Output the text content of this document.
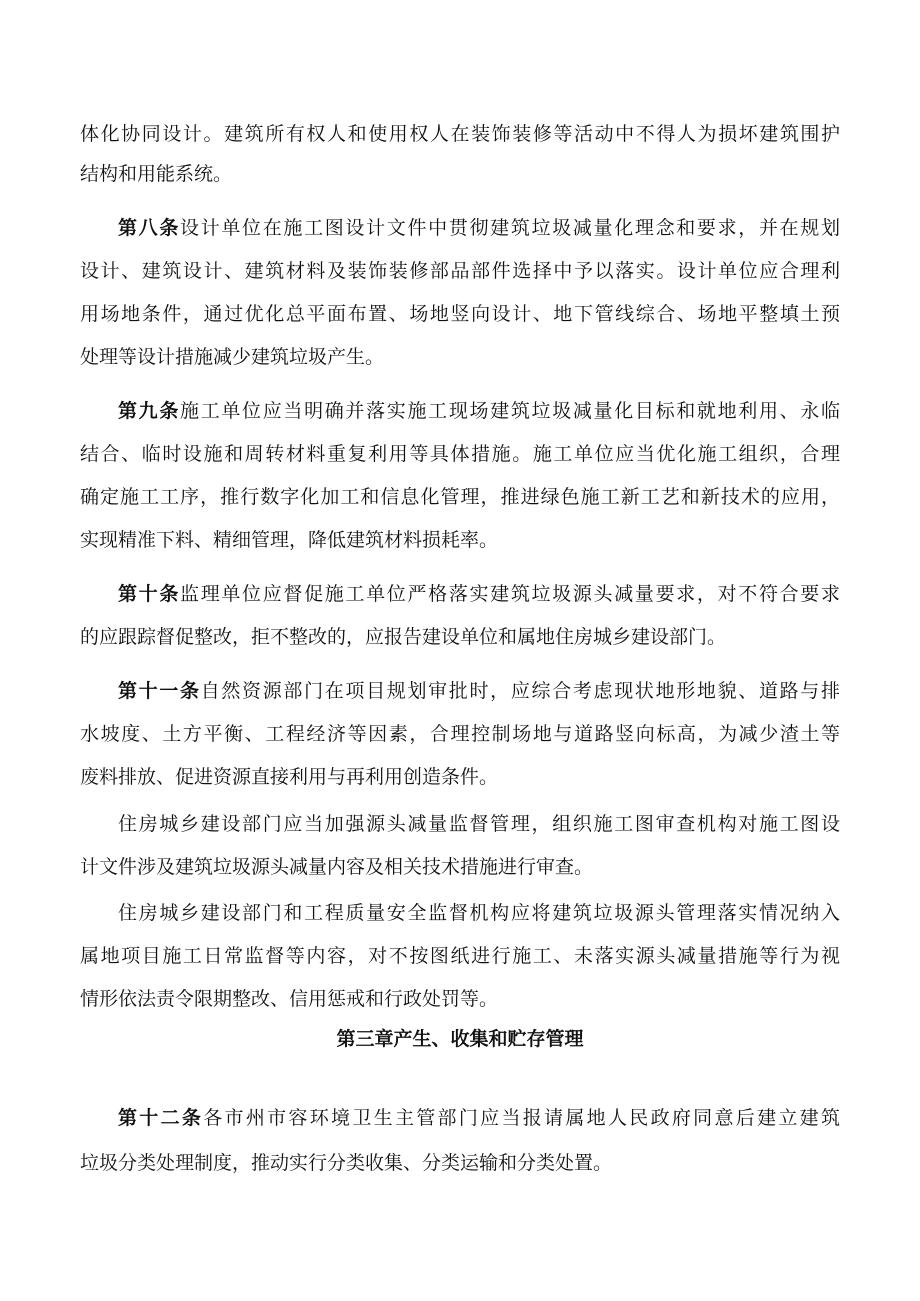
体化协同设计。建筑所有权人和使用权人在装饰装修等活动中不得人为损坏建筑围护
结构和用能系统。
第八条设计单位在施工图设计文件中贯彻建筑垃圾减量化理念和要求，并在规划
设计、建筑设计、建筑材料及装饰装修部品部件选择中予以落实。设计单位应合理利
用场地条件，通过优化总平面布置、场地竖向设计、地下管线综合、场地平整填土预
处理等设计措施减少建筑垃圾产生。
第九条施工单位应当明确并落实施工现场建筑垃圾减量化目标和就地利用、永临
结合、临时设施和周转材料重复利用等具体措施。施工单位应当优化施工组织，合理
确定施工工序，推行数字化加工和信息化管理，推进绿色施工新工艺和新技术的应用，
实现精准下料、精细管理，降低建筑材料损耗率。
第十条监理单位应督促施工单位严格落实建筑垃圾源头减量要求，对不符合要求
的应跟踪督促整改，拒不整改的，应报告建设单位和属地住房城乡建设部门。
第十一条自然资源部门在项目规划审批时，应综合考虑现状地形地貌、道路与排
水坡度、土方平衡、工程经济等因素，合理控制场地与道路竖向标高，为减少渣土等
废料排放、促进资源直接利用与再利用创造条件。
住房城乡建设部门应当加强源头减量监督管理，组织施工图审查机构对施工图设
计文件涉及建筑垃圾源头减量内容及相关技术措施进行审查。
住房城乡建设部门和工程质量安全监督机构应将建筑垃圾源头管理落实情况纳入
属地项目施工日常监督等内容，对不按图纸进行施工、未落实源头减量措施等行为视
情形依法责令限期整改、信用惩戒和行政处罚等。
第三章产生、收集和贮存管理
第十二条各市州市容环境卫生主管部门应当报请属地人民政府同意后建立建筑
垃圾分类处理制度，推动实行分类收集、分类运输和分类处置。
